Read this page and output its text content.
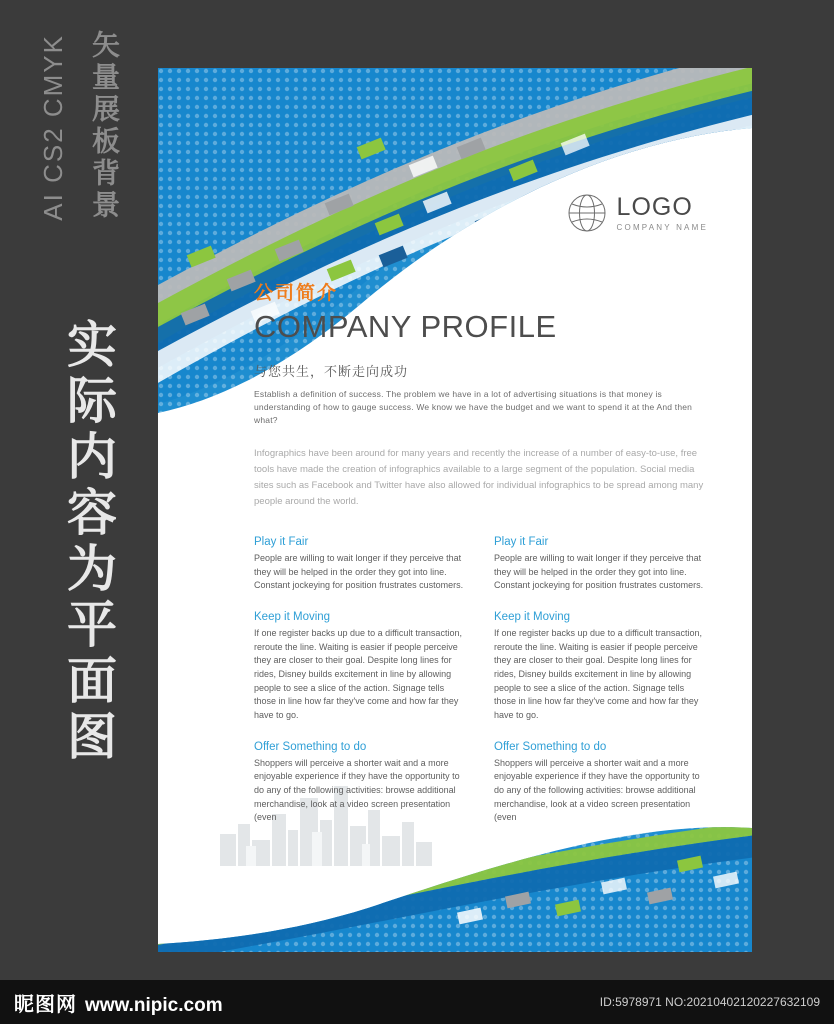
矢量展板背景
AI CS2 CMYK
实际内容为平面图
LOGO
COMPANY NAME
公司简介
COMPANY PROFILE
与您共生，不断走向成功

Establish a definition of success. The problem we have in a lot of advertising situations is that money is understanding of how to gauge success. We know we have the budget and we want to spend it at the And then what?

Infographics have been around for many years and recently the increase of a number of easy-to-use, free tools have made the creation of infographics available to a large segment of the population. Social media sites such as Facebook and Twitter have also allowed for individual infographics to be spread among many people around the world.

Play it Fair

People are willing to wait longer if they perceive that they will be helped in the order they got into line. Constant jockeying for position frustrates customers.

Keep it Moving

If one register backs up due to a difficult transaction, reroute the line. Waiting is easier if people perceive they are closer to their goal. Despite long lines for rides, Disney builds excitement in line by allowing people to see a slice of the action. Signage tells those in line how far they've come and how far they have to go.

Offer Something to do

Shoppers will perceive a shorter wait and a more enjoyable experience if they have the opportunity to do any of the following activities: browse additional merchandise, look at a video screen presentation (even

Play it Fair

People are willing to wait longer if they perceive that they will be helped in the order they got into line. Constant jockeying for position frustrates customers.

Keep it Moving

If one register backs up due to a difficult transaction, reroute the line. Waiting is easier if people perceive they are closer to their goal. Despite long lines for rides, Disney builds excitement in line by allowing people to see a slice of the action. Signage tells those in line how far they've come and how far they have to go.

Offer Something to do

Shoppers will perceive a shorter wait and a more enjoyable experience if they have the opportunity to do any of the following activities: browse additional merchandise, look at a video screen presentation (even

昵图网 www.nipic.com	ID:5978971 NO:20210402120227632109
